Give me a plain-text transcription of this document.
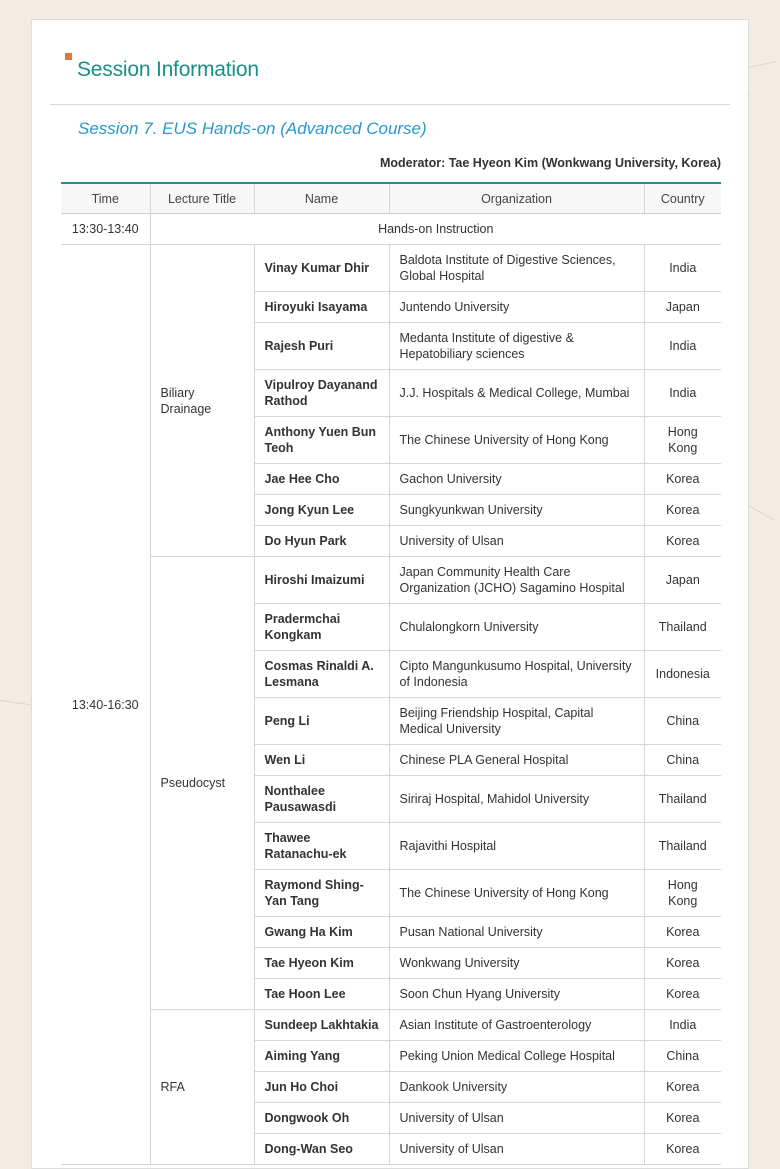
Session Information
Session 7. EUS Hands-on (Advanced Course)
Moderator: Tae Hyeon Kim (Wonkwang University, Korea)
Time	Lecture Title	Name	Organization	Country
13:30-13:40	Hands-on Instruction			
13:40-16:30	Biliary Drainage	Vinay Kumar Dhir	Baldota Institute of Digestive Sciences, Global Hospital	India
		Hiroyuki Isayama	Juntendo University	Japan
		Rajesh Puri	Medanta Institute of digestive & Hepatobiliary sciences	India
		Vipulroy Dayanand Rathod	J.J. Hospitals & Medical College, Mumbai	India
		Anthony Yuen Bun Teoh	The Chinese University of Hong Kong	Hong Kong
		Jae Hee Cho	Gachon University	Korea
		Jong Kyun Lee	Sungkyunkwan University	Korea
		Do Hyun Park	University of Ulsan	Korea
	Pseudocyst	Hiroshi Imaizumi	Japan Community Health Care Organization (JCHO) Sagamino Hospital	Japan
		Pradermchai Kongkam	Chulalongkorn University	Thailand
		Cosmas Rinaldi A. Lesmana	Cipto Mangunkusumo Hospital, University of Indonesia	Indonesia
		Peng Li	Beijing Friendship Hospital, Capital Medical University	China
		Wen Li	Chinese PLA General Hospital	China
		Nonthalee Pausawasdi	Siriraj Hospital, Mahidol University	Thailand
		Thawee Ratanachu-ek	Rajavithi Hospital	Thailand
		Raymond Shing-Yan Tang	The Chinese University of Hong Kong	Hong Kong
		Gwang Ha Kim	Pusan National University	Korea
		Tae Hyeon Kim	Wonkwang University	Korea
		Tae Hoon Lee	Soon Chun Hyang University	Korea
	RFA	Sundeep Lakhtakia	Asian Institute of Gastroenterology	India
		Aiming Yang	Peking Union Medical College Hospital	China
		Jun Ho Choi	Dankook University	Korea
		Dongwook Oh	University of Ulsan	Korea
		Dong-Wan Seo	University of Ulsan	Korea
